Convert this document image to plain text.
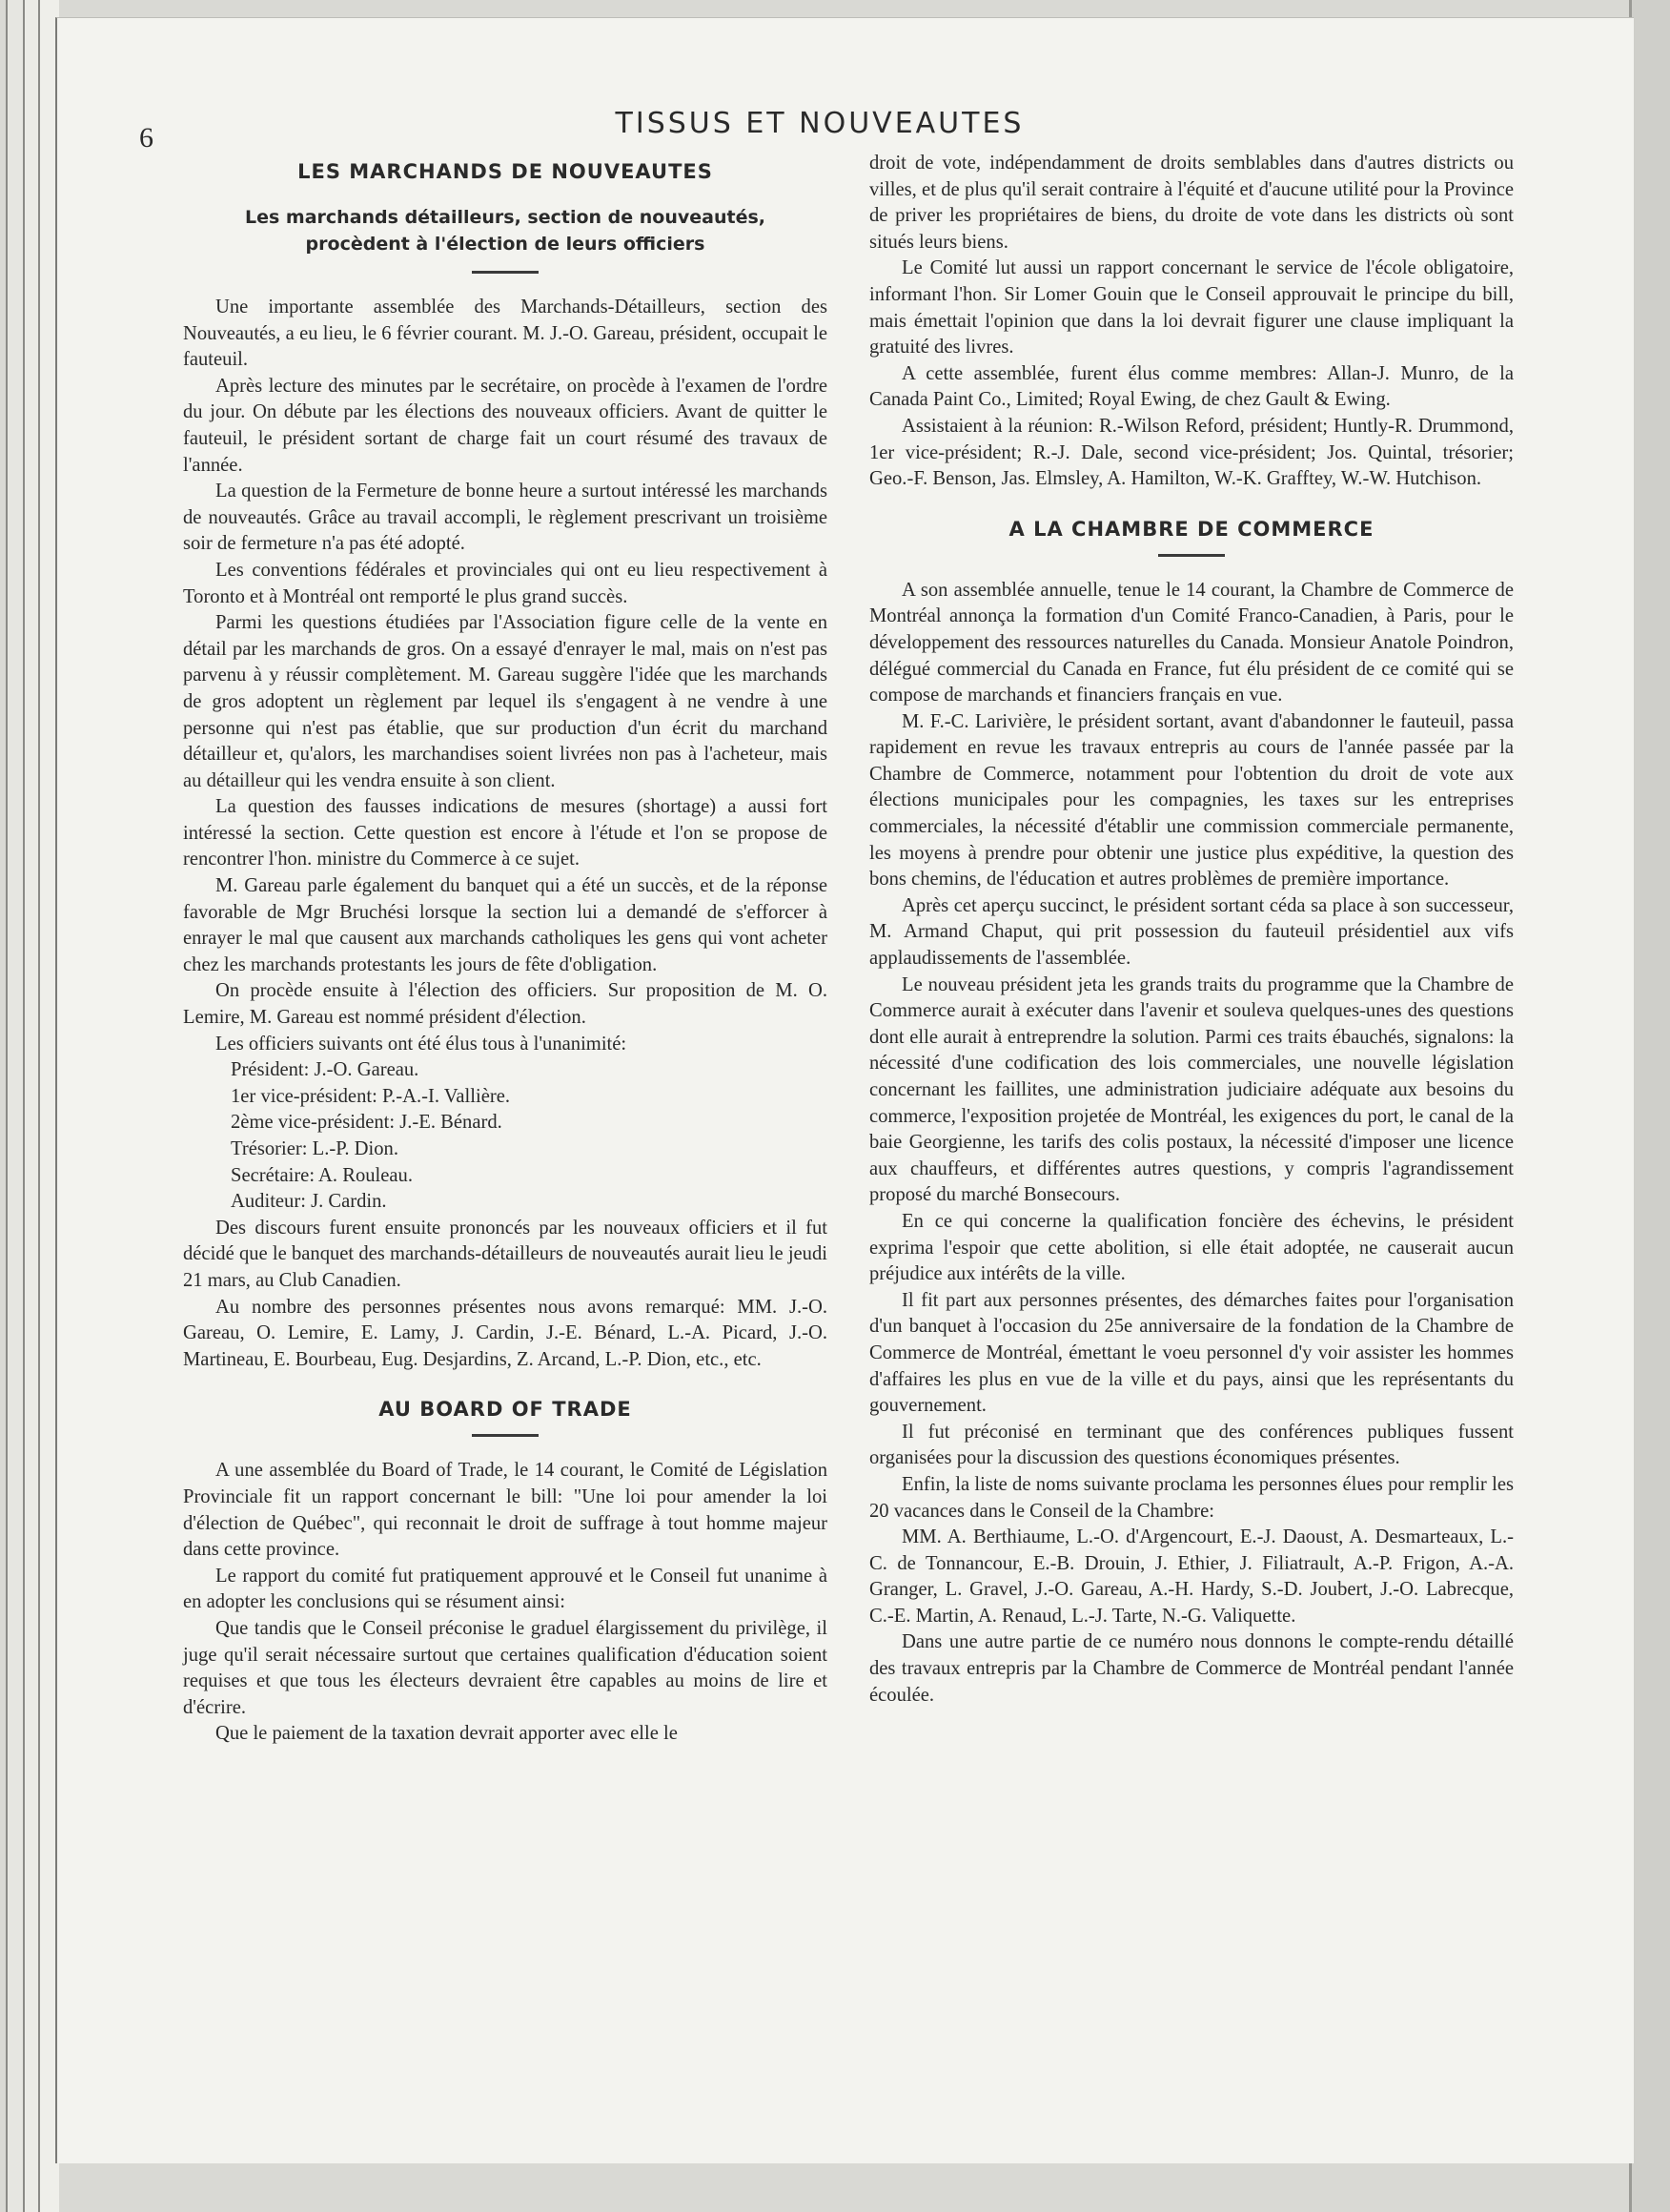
6	TISSUS ET NOUVEAUTES
LES MARCHANDS DE NOUVEAUTES
Les marchands détailleurs, section de nouveautés, procèdent à l'élection de leurs officiers

Une importante assemblée des Marchands-Détailleurs, section des Nouveautés, a eu lieu, le 6 février courant. M. J.-O. Gareau, président, occupait le fauteuil.

Après lecture des minutes par le secrétaire, on procède à l'examen de l'ordre du jour. On débute par les élections des nouveaux officiers. Avant de quitter le fauteuil, le président sortant de charge fait un court résumé des travaux de l'année.

La question de la Fermeture de bonne heure a surtout intéressé les marchands de nouveautés. Grâce au travail accompli, le règlement prescrivant un troisième soir de fermeture n'a pas été adopté.

Les conventions fédérales et provinciales qui ont eu lieu respectivement à Toronto et à Montréal ont remporté le plus grand succès.

Parmi les questions étudiées par l'Association figure celle de la vente en détail par les marchands de gros. On a essayé d'enrayer le mal, mais on n'est pas parvenu à y réussir complètement. M. Gareau suggère l'idée que les marchands de gros adoptent un règlement par lequel ils s'engagent à ne vendre à une personne qui n'est pas établie, que sur production d'un écrit du marchand détailleur et, qu'alors, les marchandises soient livrées non pas à l'acheteur, mais au détailleur qui les vendra ensuite à son client.

La question des fausses indications de mesures (shortage) a aussi fort intéressé la section. Cette question est encore à l'étude et l'on se propose de rencontrer l'hon. ministre du Commerce à ce sujet.

M. Gareau parle également du banquet qui a été un succès, et de la réponse favorable de Mgr Bruchési lorsque la section lui a demandé de s'efforcer à enrayer le mal que causent aux marchands catholiques les gens qui vont acheter chez les marchands protestants les jours de fête d'obligation.

On procède ensuite à l'élection des officiers. Sur proposition de M. O. Lemire, M. Gareau est nommé président d'élection.

Les officiers suivants ont été élus tous à l'unanimité:

Président: J.-O. Gareau.

1er vice-président: P.-A.-I. Vallière.

2ème vice-président: J.-E. Bénard.

Trésorier: L.-P. Dion.

Secrétaire: A. Rouleau.

Auditeur: J. Cardin.

Des discours furent ensuite prononcés par les nouveaux officiers et il fut décidé que le banquet des marchands-détailleurs de nouveautés aurait lieu le jeudi 21 mars, au Club Canadien.

Au nombre des personnes présentes nous avons remarqué: MM. J.-O. Gareau, O. Lemire, E. Lamy, J. Cardin, J.-E. Bénard, L.-A. Picard, J.-O. Martineau, E. Bourbeau, Eug. Desjardins, Z. Arcand, L.-P. Dion, etc., etc.

AU BOARD OF TRADE

A une assemblée du Board of Trade, le 14 courant, le Comité de Législation Provinciale fit un rapport concernant le bill: "Une loi pour amender la loi d'élection de Québec", qui reconnait le droit de suffrage à tout homme majeur dans cette province.

Le rapport du comité fut pratiquement approuvé et le Conseil fut unanime à en adopter les conclusions qui se résument ainsi:

Que tandis que le Conseil préconise le graduel élargissement du privilège, il juge qu'il serait nécessaire surtout que certaines qualification d'éducation soient requises et que tous les électeurs devraient être capables au moins de lire et d'écrire.

Que le paiement de la taxation devrait apporter avec elle le

droit de vote, indépendamment de droits semblables dans d'autres districts ou villes, et de plus qu'il serait contraire à l'équité et d'aucune utilité pour la Province de priver les propriétaires de biens, du droite de vote dans les districts où sont situés leurs biens.

Le Comité lut aussi un rapport concernant le service de l'école obligatoire, informant l'hon. Sir Lomer Gouin que le Conseil approuvait le principe du bill, mais émettait l'opinion que dans la loi devrait figurer une clause impliquant la gratuité des livres.

A cette assemblée, furent élus comme membres: Allan-J. Munro, de la Canada Paint Co., Limited; Royal Ewing, de chez Gault & Ewing.

Assistaient à la réunion: R.-Wilson Reford, président; Huntly-R. Drummond, 1er vice-président; R.-J. Dale, second vice-président; Jos. Quintal, trésorier; Geo.-F. Benson, Jas. Elmsley, A. Hamilton, W.-K. Grafftey, W.-W. Hutchison.

A LA CHAMBRE DE COMMERCE

A son assemblée annuelle, tenue le 14 courant, la Chambre de Commerce de Montréal annonça la formation d'un Comité Franco-Canadien, à Paris, pour le développement des ressources naturelles du Canada. Monsieur Anatole Poindron, délégué commercial du Canada en France, fut élu président de ce comité qui se compose de marchands et financiers français en vue.

M. F.-C. Larivière, le président sortant, avant d'abandonner le fauteuil, passa rapidement en revue les travaux entrepris au cours de l'année passée par la Chambre de Commerce, notamment pour l'obtention du droit de vote aux élections municipales pour les compagnies, les taxes sur les entreprises commerciales, la nécessité d'établir une commission commerciale permanente, les moyens à prendre pour obtenir une justice plus expéditive, la question des bons chemins, de l'éducation et autres problèmes de première importance.

Après cet aperçu succinct, le président sortant céda sa place à son successeur, M. Armand Chaput, qui prit possession du fauteuil présidentiel aux vifs applaudissements de l'assemblée.

Le nouveau président jeta les grands traits du programme que la Chambre de Commerce aurait à exécuter dans l'avenir et souleva quelques-unes des questions dont elle aurait à entreprendre la solution. Parmi ces traits ébauchés, signalons: la nécessité d'une codification des lois commerciales, une nouvelle législation concernant les faillites, une administration judiciaire adéquate aux besoins du commerce, l'exposition projetée de Montréal, les exigences du port, le canal de la baie Georgienne, les tarifs des colis postaux, la nécessité d'imposer une licence aux chauffeurs, et différentes autres questions, y compris l'agrandissement proposé du marché Bonsecours.

En ce qui concerne la qualification foncière des échevins, le président exprima l'espoir que cette abolition, si elle était adoptée, ne causerait aucun préjudice aux intérêts de la ville.

Il fit part aux personnes présentes, des démarches faites pour l'organisation d'un banquet à l'occasion du 25e anniversaire de la fondation de la Chambre de Commerce de Montréal, émettant le voeu personnel d'y voir assister les hommes d'affaires les plus en vue de la ville et du pays, ainsi que les représentants du gouvernement.

Il fut préconisé en terminant que des conférences publiques fussent organisées pour la discussion des questions économiques présentes.

Enfin, la liste de noms suivante proclama les personnes élues pour remplir les 20 vacances dans le Conseil de la Chambre:

MM. A. Berthiaume, L.-O. d'Argencourt, E.-J. Daoust, A. Desmarteaux, L.-C. de Tonnancour, E.-B. Drouin, J. Ethier, J. Filiatrault, A.-P. Frigon, A.-A. Granger, L. Gravel, J.-O. Gareau, A.-H. Hardy, S.-D. Joubert, J.-O. Labrecque, C.-E. Martin, A. Renaud, L.-J. Tarte, N.-G. Valiquette.

Dans une autre partie de ce numéro nous donnons le compte-rendu détaillé des travaux entrepris par la Chambre de Commerce de Montréal pendant l'année écoulée.
